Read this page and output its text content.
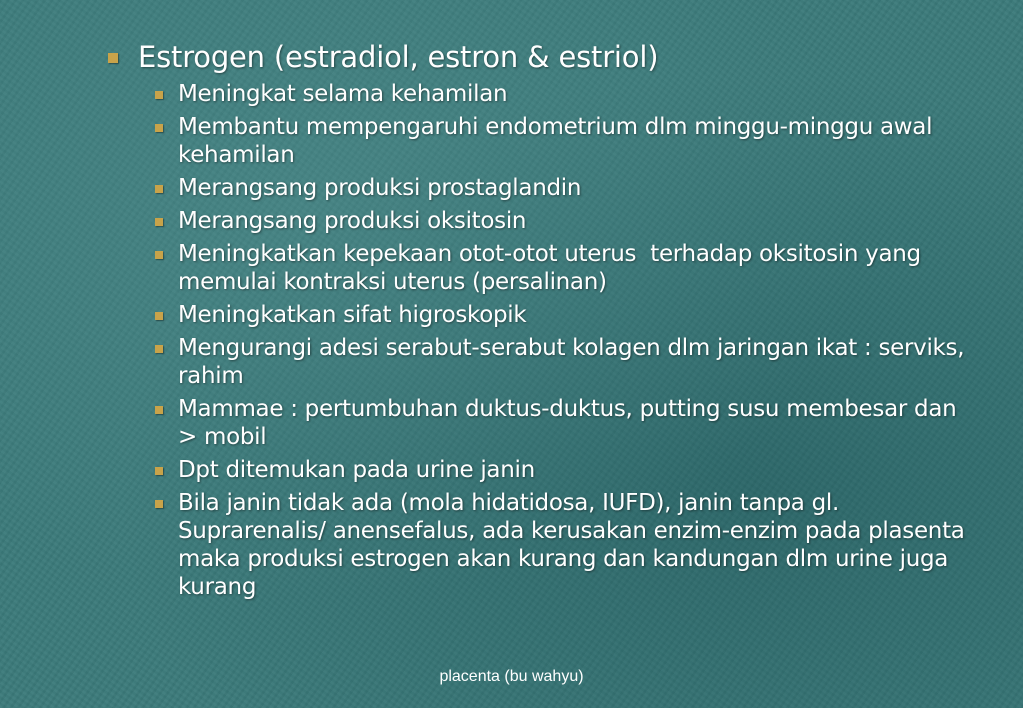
Estrogen (estradiol, estron & estriol)
Meningkat selama kehamilan
Membantu mempengaruhi endometrium dlm minggu-minggu awal kehamilan
Merangsang produksi prostaglandin
Merangsang produksi oksitosin
Meningkatkan kepekaan otot-otot uterus  terhadap oksitosin yang memulai kontraksi uterus (persalinan)
Meningkatkan sifat higroskopik
Mengurangi adesi serabut-serabut kolagen dlm jaringan ikat : serviks, rahim
Mammae : pertumbuhan duktus-duktus, putting susu membesar dan > mobil
Dpt ditemukan pada urine janin
Bila janin tidak ada (mola hidatidosa, IUFD), janin tanpa gl. Suprarenalis/ anensefalus, ada kerusakan enzim-enzim pada plasenta maka produksi estrogen akan kurang dan kandungan dlm urine juga kurang
placenta (bu wahyu)
